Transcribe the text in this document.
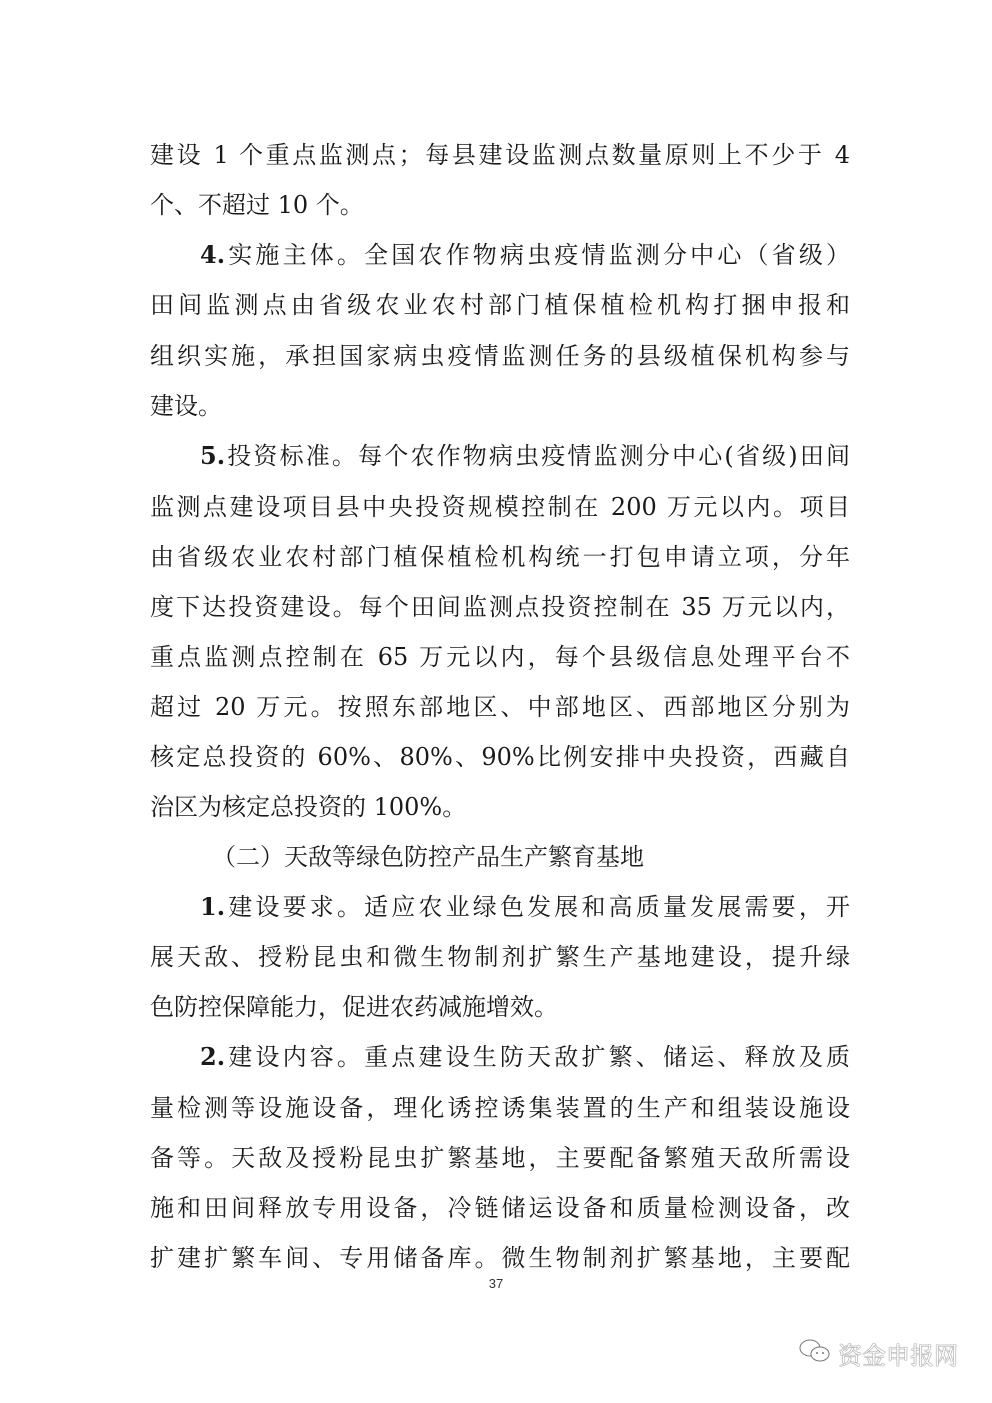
建设 1 个重点监测点；每县建设监测点数量原则上不少于 4
个、不超过 10 个。
4.实施主体。全国农作物病虫疫情监测分中心（省级）
田间监测点由省级农业农村部门植保植检机构打捆申报和
组织实施，承担国家病虫疫情监测任务的县级植保机构参与
建设。
5.投资标准。每个农作物病虫疫情监测分中心(省级)田间
监测点建设项目县中央投资规模控制在 200 万元以内。项目
由省级农业农村部门植保植检机构统一打包申请立项，分年
度下达投资建设。每个田间监测点投资控制在 35 万元以内，
重点监测点控制在 65 万元以内，每个县级信息处理平台不
超过 20 万元。按照东部地区、中部地区、西部地区分别为
核定总投资的 60%、80%、90%比例安排中央投资，西藏自
治区为核定总投资的 100%。
（二）天敌等绿色防控产品生产繁育基地
1.建设要求。适应农业绿色发展和高质量发展需要，开
展天敌、授粉昆虫和微生物制剂扩繁生产基地建设，提升绿
色防控保障能力，促进农药减施增效。
2.建设内容。重点建设生防天敌扩繁、储运、释放及质
量检测等设施设备，理化诱控诱集装置的生产和组装设施设
备等。天敌及授粉昆虫扩繁基地，主要配备繁殖天敌所需设
施和田间释放专用设备，冷链储运设备和质量检测设备，改
扩建扩繁车间、专用储备库。微生物制剂扩繁基地，主要配
37
资金申报网
